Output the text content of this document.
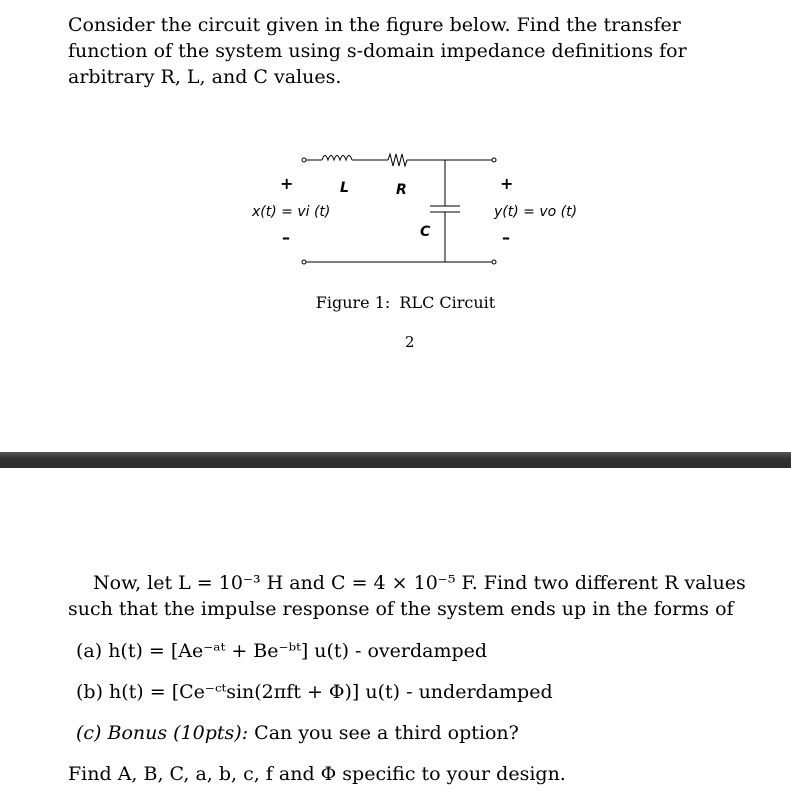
Consider the circuit given in the figure below. Find the transfer function of the system using s-domain impedance definitions for arbitrary R, L, and C values.

+
–
+
–
L	R
C
x(t) = vi (t)	y(t) = vo (t)
Figure 1: RLC Circuit
2

Now, let L = 10⁻³ H and C = 4 × 10⁻⁵ F. Find two different R values such that the impulse response of the system ends up in the forms of

(a) h(t) = [Ae⁻ᵃᵗ + Be⁻ᵇᵗ] u(t) - overdamped
(b) h(t) = [Ce⁻ᶜᵗsin(2πft + Φ)] u(t) - underdamped
(c) Bonus (10pts): Can you see a third option?
Find A, B, C, a, b, c, f and Φ specific to your design.
